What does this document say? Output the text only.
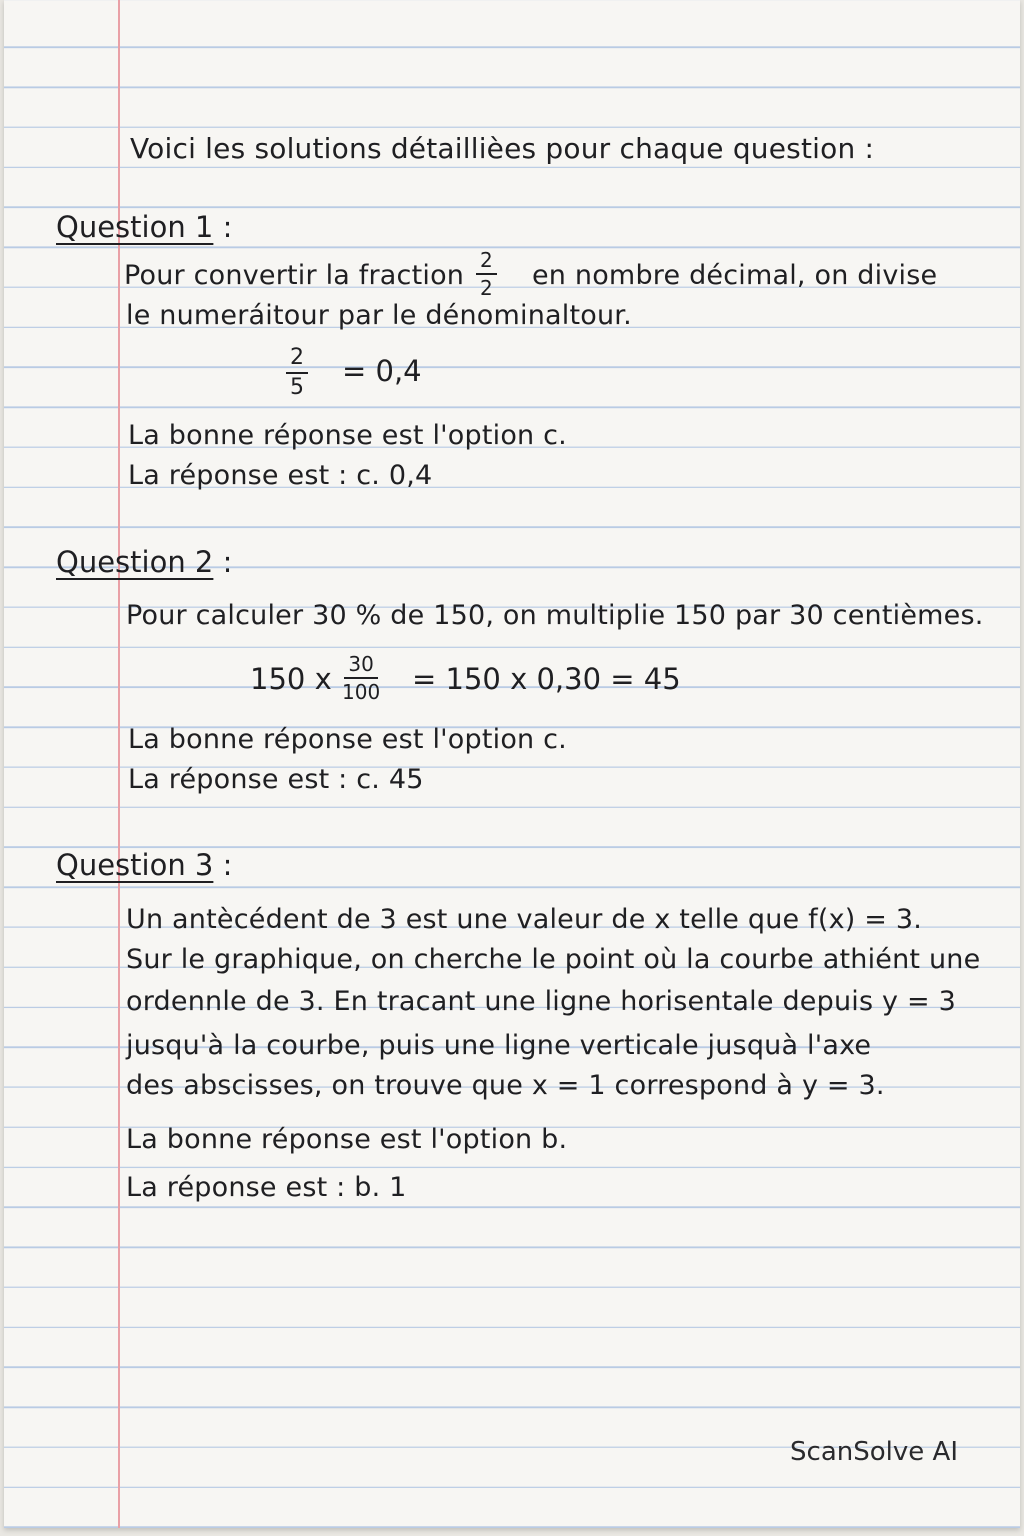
Voici les solutions détaillièes pour chaque question :
Question 1 :
Pour convertir la fraction $\frac{2}{2}$ en nombre décimal, on divise
le numeráitour par le dénominaltour.
$\frac{2}{5} = 0,4$
La bonne réponse est l'option c.
La réponse est : c. 0,4
Question 2 :
Pour calculer 30 % de 150, on multiplie 150 par 30 centièmes.
150 x $\frac{30}{100} = 150$ x 0,30 = 45
La bonne réponse est l'option c.
La réponse est : c. 45
Question 3 :
Un antècédent de 3 est une valeur de x telle que f(x) = 3.
Sur le graphique, on cherche le point où la courbe athiént une
ordennle de 3. En tracant une ligne horisentale depuis y = 3
jusqu'à la courbe, puis une ligne verticale jusquà l'axe
des abscisses, on trouve que x = 1 correspond à y = 3.
La bonne réponse est l'option b.
La réponse est : b. 1
ScanSolve AI
